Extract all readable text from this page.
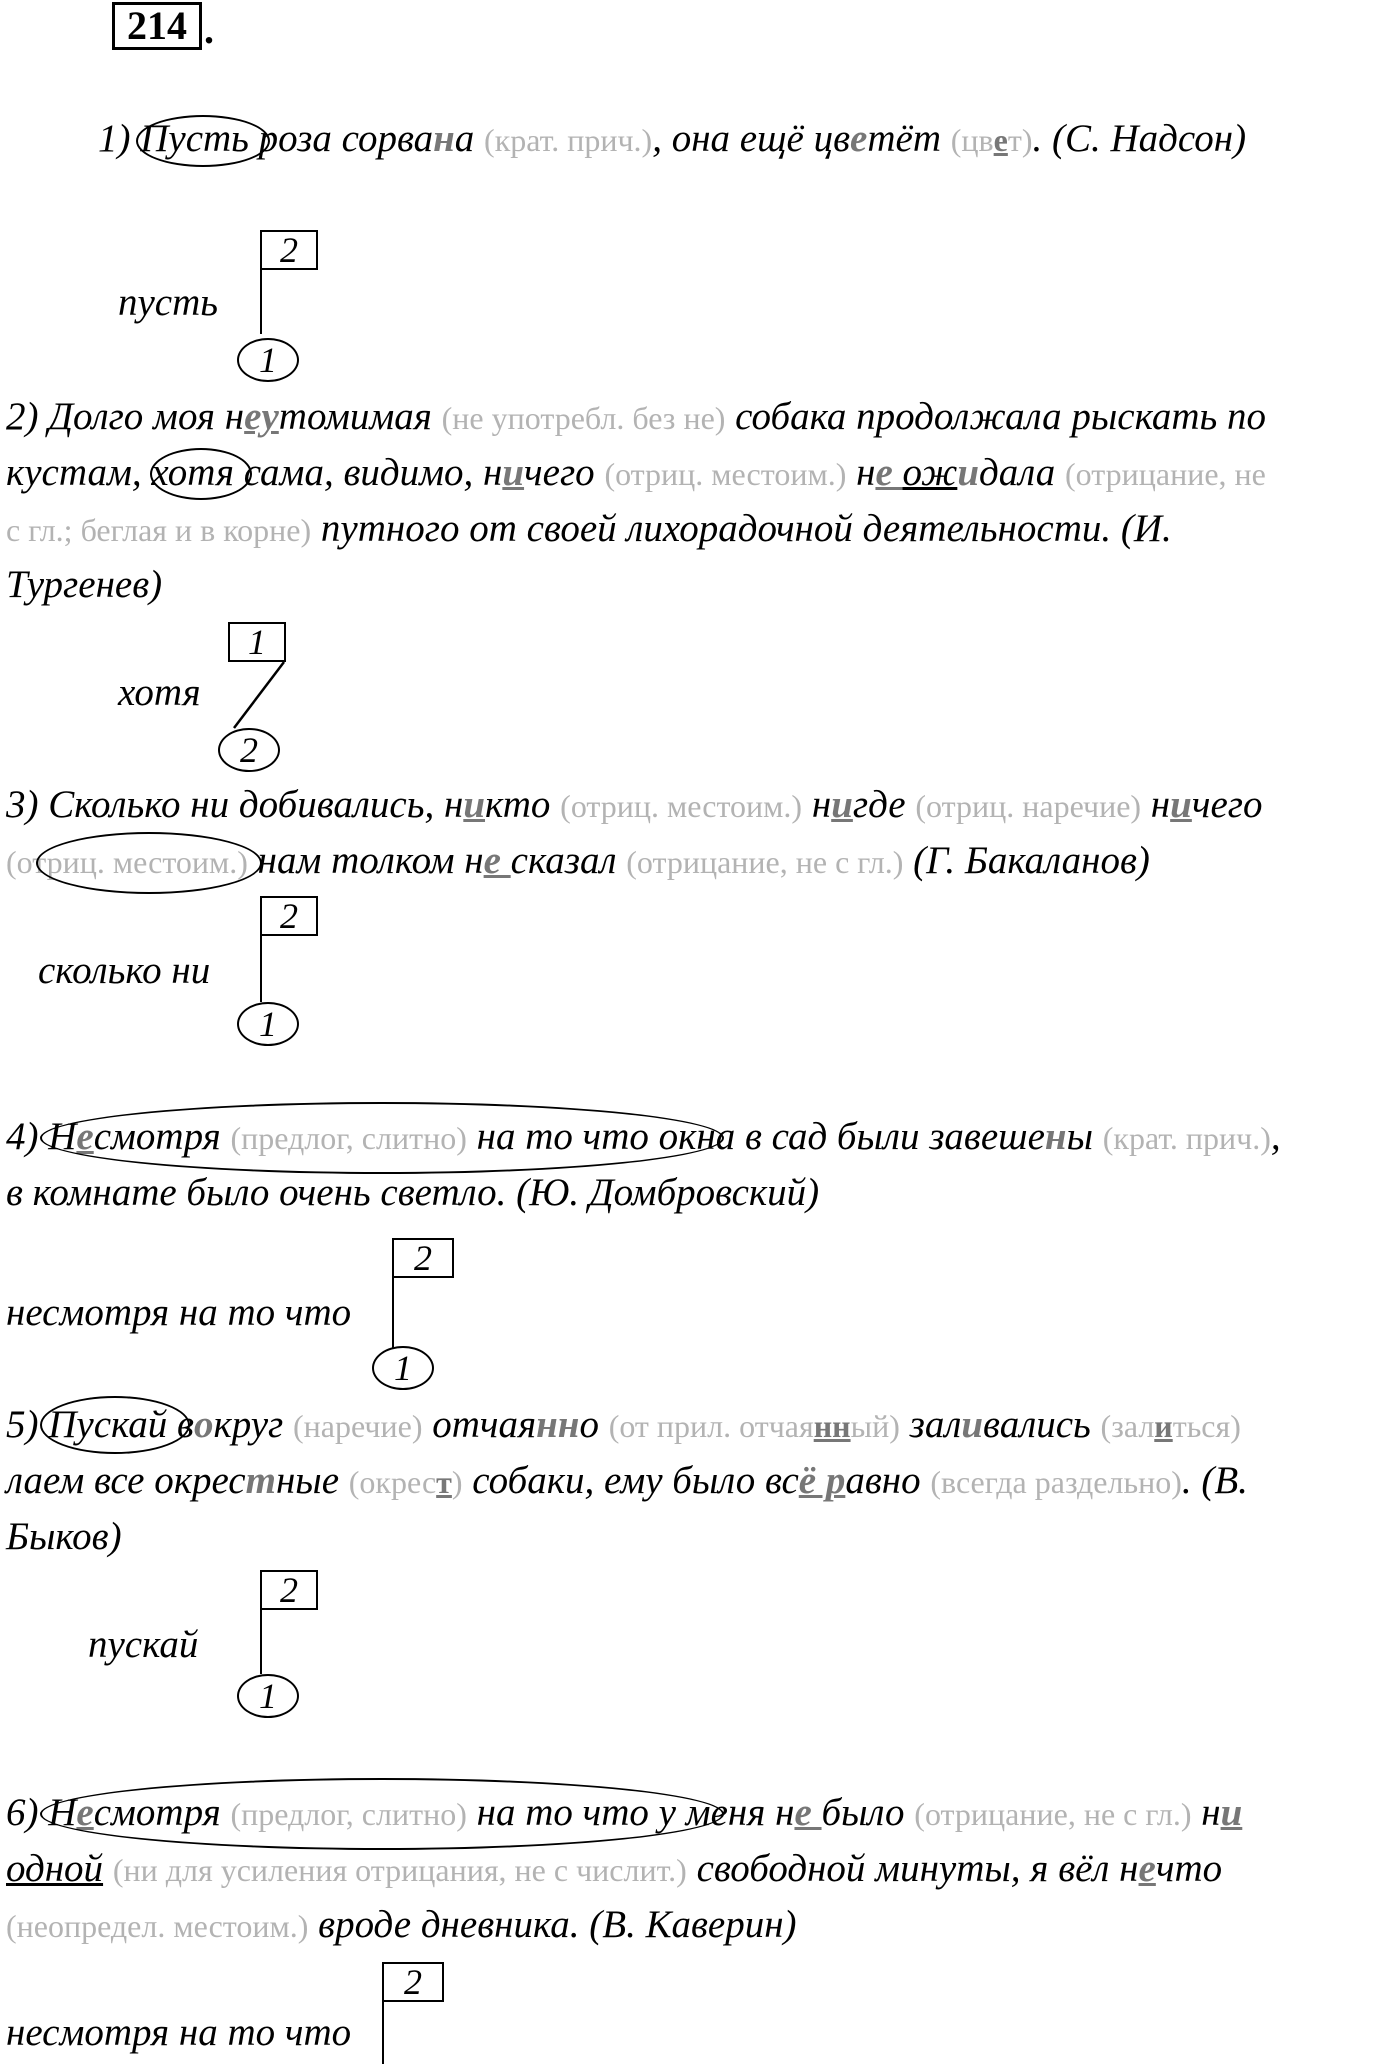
214 .
1) Пусть роза сорвана (крат. прич.), она ещё цветёт (цвет). (С. Надсон)
пусть
2
1
2) Долго моя неутомимая (не употребл. без не) собака продолжала рыскать по
кустам, хотя сама, видимо, ничего (отриц. местоим.) не ожидала (отрицание, не
с гл.; беглая и в корне) путного от своей лихорадочной деятельности. (И.
Тургенев)
хотя
1
2
3) Сколько ни добивались, никто (отриц. местоим.) нигде (отриц. наречие) ничего
(отриц. местоим.) нам толком не сказал (отрицание, не с гл.) (Г. Бакаланов)
сколько ни
2
1
4) Несмотря (предлог, слитно) на то что окна в сад были завешены (крат. прич.),
в комнате было очень светло. (Ю. Домбровский)
несмотря на то что
2
1
5) Пускай вокруг (наречие) отчаянно (от прил. отчаянный) заливались (залиться)
лаем все окрестные (окрест) собаки, ему было всё равно (всегда раздельно). (В.
Быков)
пускай
2
1
6) Несмотря (предлог, слитно) на то что у меня не было (отрицание, не с гл.) ни
одной (ни для усиления отрицания, не с числит.) свободной минуты, я вёл нечто
(неопредел. местоим.) вроде дневника. (В. Каверин)
несмотря на то что
2
